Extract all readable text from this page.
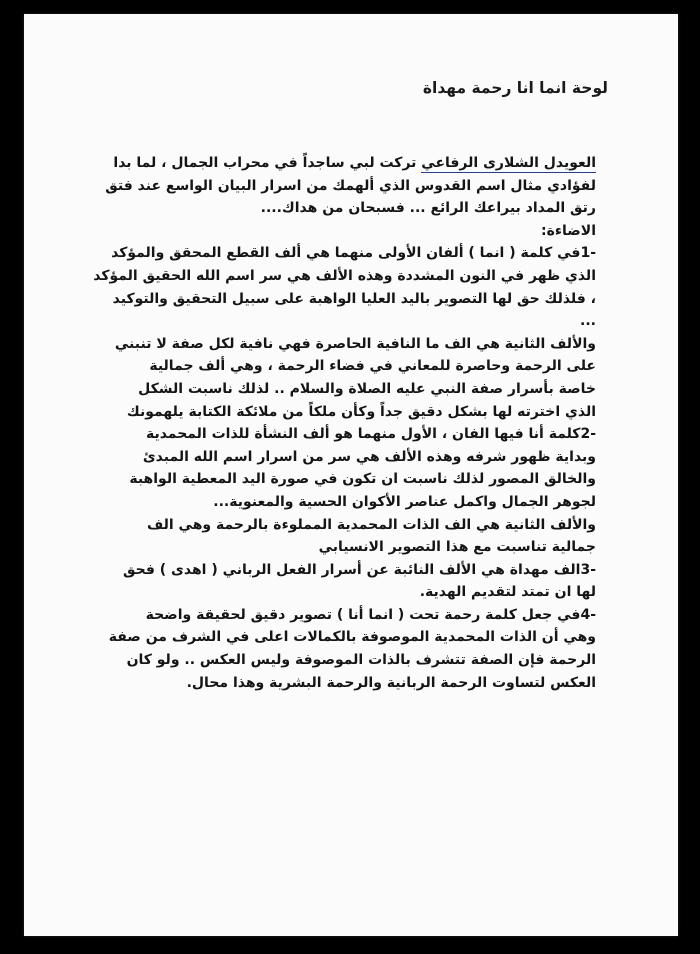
لوحة انما انا رحمة مهداة
العويدل الشلارى الرفاعي تركت لبي ساجداً في محراب الجمال ، لما بدا
لفؤادي مثال اسم القدوس الذي ألهمك من اسرار البيان الواسع عند فتق
رتق المداد بيراعك الرائع ... فسبحان من هداك....
الاضاءة:
-1في كلمة ( انما ) ألفان الأولى منهما هي ألف القطع المحقق والمؤكد
الذي ظهر في النون المشددة وهذه الألف هي سر اسم الله الحقيق المؤكد
، فلذلك حق لها التصوير باليد العليا الواهبة على سبيل التحقيق والتوكيد
...
والألف الثانية هي الف ما النافية الحاصرة فهي نافية لكل صفة لا تنبني
على الرحمة وحاصرة للمعاني في فضاء الرحمة ، وهي ألف جمالية
خاصة بأسرار صفة النبي عليه الصلاة والسلام .. لذلك ناسبت الشكل
الذي اخترته لها بشكل دقيق جداً وكأن ملكاً من ملائكة الكتابة يلهمونك
-2كلمة أنا فيها الفان ، الأول منهما هو ألف النشأة للذات المحمدية
وبداية ظهور شرفه وهذه الألف هي سر من اسرار اسم الله المبدئ
والخالق المصور لذلك ناسبت ان تكون في صورة اليد المعطية الواهبة
لجوهر الجمال واكمل عناصر الأكوان الحسية والمعنوية...
والألف الثانية هي الف الذات المحمدية المملوءة بالرحمة وهي الف
جمالية تناسبت مع هذا التصوير الانسيابي
-3الف مهداة هي الألف النائبة عن أسرار الفعل الرباني ( اهدى ) فحق
لها ان تمتد لتقديم الهدية.
-4في جعل كلمة رحمة تحت ( انما أنا ) تصوير دقيق لحقيقة واضحة
وهي أن الذات المحمدية الموصوفة بالكمالات اعلى في الشرف من صفة
الرحمة فإن الصفة تتشرف بالذات الموصوفة وليس العكس .. ولو كان
العكس لتساوت الرحمة الربانية والرحمة البشرية وهذا محال.
